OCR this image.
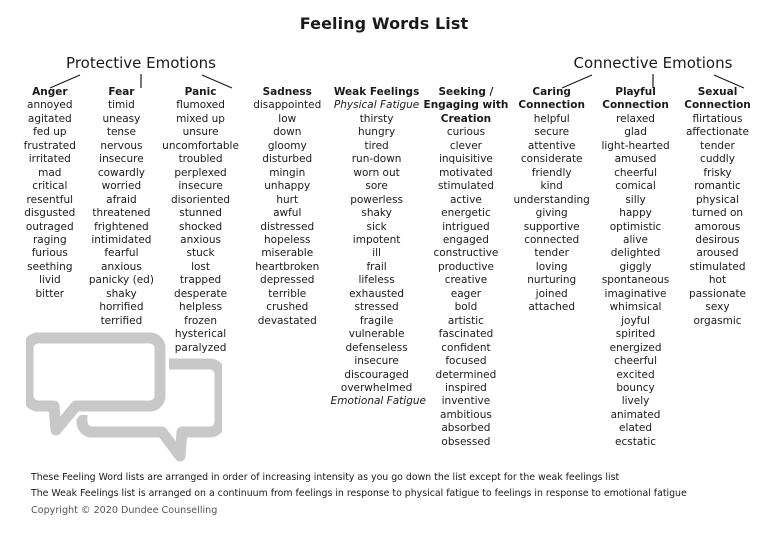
Feeling Words List
Protective Emotions	Connective Emotions
Anger
annoyed
agitated
fed up
frustrated
irritated
mad
critical
resentful
disgusted
outraged
raging
furious
seething
livid
bitter
Fear
timid
uneasy
tense
nervous
insecure
cowardly
worried
afraid
threatened
frightened
intimidated
fearful
anxious
panicky (ed)
shaky
horrified
terrified
Panic
flumoxed
mixed up
unsure
uncomfortable
troubled
perplexed
insecure
disoriented
stunned
shocked
anxious
stuck
lost
trapped
desperate
helpless
frozen
hysterical
paralyzed
Sadness
disappointed
low
down
gloomy
disturbed
mingin
unhappy
hurt
awful
distressed
hopeless
miserable
heartbroken
depressed
terrible
crushed
devastated
Weak Feelings
Physical Fatigue
thirsty
hungry
tired
run-down
worn out
sore
powerless
shaky
sick
impotent
ill
frail
lifeless
exhausted
stressed
fragile
vulnerable
defenseless
insecure
discouraged
overwhelmed
Emotional Fatigue
Seeking /
Engaging with
Creation
curious
clever
inquisitive
motivated
stimulated
active
energetic
intrigued
engaged
constructive
productive
creative
eager
bold
artistic
fascinated
confident
focused
determined
inspired
inventive
ambitious
absorbed
obsessed
Caring
Connection
helpful
secure
attentive
considerate
friendly
kind
understanding
giving
supportive
connected
tender
loving
nurturing
joined
attached
Playful
Connection
relaxed
glad
light-hearted
amused
cheerful
comical
silly
happy
optimistic
alive
delighted
giggly
spontaneous
imaginative
whimsical
joyful
spirited
energized
cheerful
excited
bouncy
lively
animated
elated
ecstatic
Sexual
Connection
flirtatious
affectionate
tender
cuddly
frisky
romantic
physical
turned on
amorous
desirous
aroused
stimulated
hot
passionate
sexy
orgasmic
These Feeling Word lists are arranged in order of increasing intensity as you go down the list except for the weak feelings list
The Weak Feelings list is arranged on a continuum from feelings in response to physical fatigue to feelings in response to emotional fatigue
Copyright © 2020 Dundee Counselling
